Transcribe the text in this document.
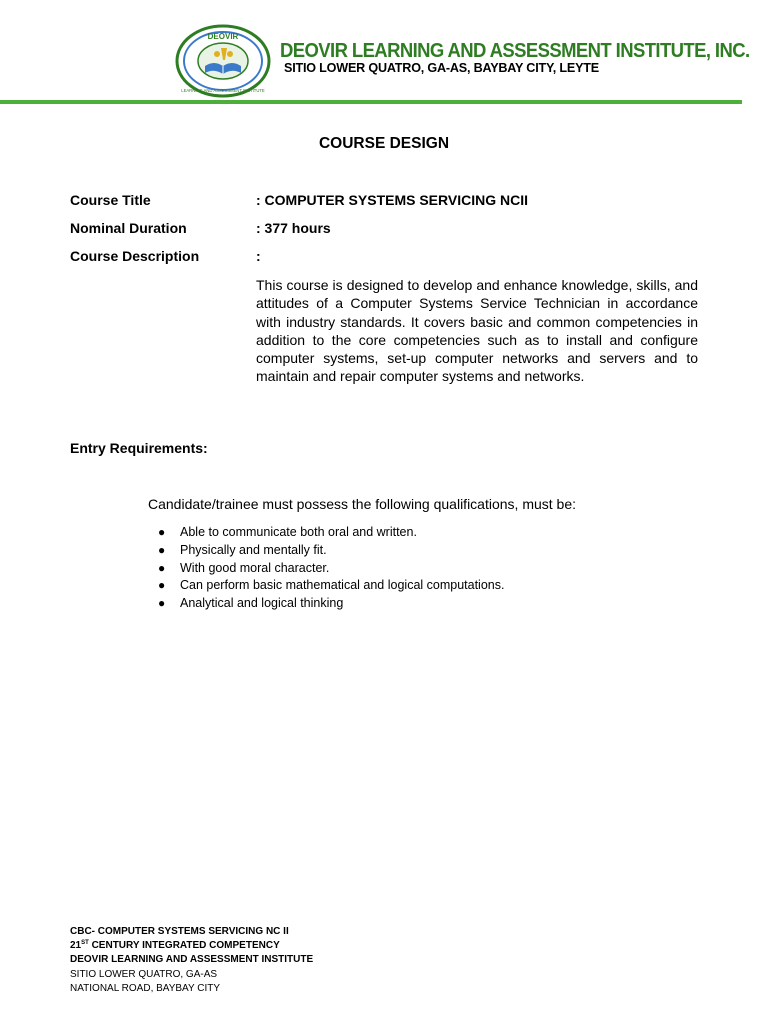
DEOVIR
LEARNING AND ASSESSMENT INSTITUTE
DEOVIR LEARNING AND ASSESSMENT INSTITUTE, INC.
SITIO LOWER QUATRO, GA-AS, BAYBAY CITY, LEYTE
COURSE DESIGN
Course Title	: COMPUTER SYSTEMS SERVICING NCII
Nominal Duration	: 377 hours
Course Description	:
This course is designed to develop and enhance knowledge, skills, and attitudes of a Computer Systems Service Technician in accordance with industry standards. It covers basic and common competencies in addition to the core competencies such as to install and configure computer systems, set-up computer networks and servers and to maintain and repair computer systems and networks.
Entry Requirements:
Candidate/trainee must possess the following qualifications, must be:
● Able to communicate both oral and written.
● Physically and mentally fit.
● With good moral character.
● Can perform basic mathematical and logical computations.
● Analytical and logical thinking
CBC- COMPUTER SYSTEMS SERVICING NC II
21ST CENTURY INTEGRATED COMPETENCY
DEOVIR LEARNING AND ASSESSMENT INSTITUTE
SITIO LOWER QUATRO, GA-AS
NATIONAL ROAD, BAYBAY CITY
